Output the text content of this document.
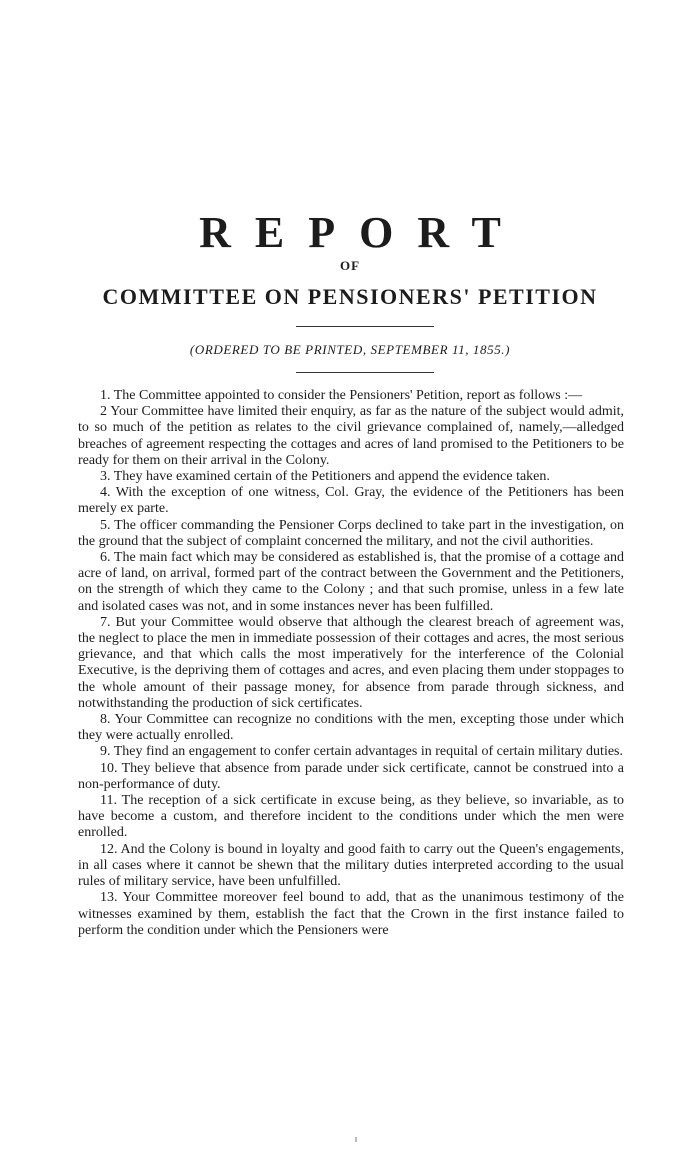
REPORT
OF
COMMITTEE ON PENSIONERS' PETITION
(ORDERED TO BE PRINTED, SEPTEMBER 11, 1855.)

1. The Committee appointed to consider the Pensioners' Petition, report as follows :—

2 Your Committee have limited their enquiry, as far as the nature of the subject would admit, to so much of the petition as relates to the civil grievance complained of, namely,—alledged breaches of agreement respecting the cottages and acres of land promised to the Petitioners to be ready for them on their arrival in the Colony.

3. They have examined certain of the Petitioners and append the evidence taken.

4. With the exception of one witness, Col. Gray, the evidence of the Petitioners has been merely ex parte.

5. The officer commanding the Pensioner Corps declined to take part in the investigation, on the ground that the subject of complaint concerned the military, and not the civil authorities.

6. The main fact which may be considered as established is, that the promise of a cottage and acre of land, on arrival, formed part of the contract between the Government and the Petitioners, on the strength of which they came to the Colony ; and that such promise, unless in a few late and isolated cases was not, and in some instances never has been fulfilled.

7. But your Committee would observe that although the clearest breach of agreement was, the neglect to place the men in immediate possession of their cottages and acres, the most serious grievance, and that which calls the most imperatively for the interference of the Colonial Executive, is the depriving them of cottages and acres, and even placing them under stoppages to the whole amount of their passage money, for absence from parade through sickness, and notwithstanding the production of sick certificates.

8. Your Committee can recognize no conditions with the men, excepting those under which they were actually enrolled.

9. They find an engagement to confer certain advantages in requital of certain military duties.

10. They believe that absence from parade under sick certificate, cannot be construed into a non-performance of duty.

11. The reception of a sick certificate in excuse being, as they believe, so invariable, as to have become a custom, and therefore incident to the conditions under which the men were enrolled.

12. And the Colony is bound in loyalty and good faith to carry out the Queen's engagements, in all cases where it cannot be shewn that the military duties interpreted according to the usual rules of military service, have been unfulfilled.

13. Your Committee moreover feel bound to add, that as the unanimous testimony of the witnesses examined by them, establish the fact that the Crown in the first instance failed to perform the condition under which the Pensioners were
